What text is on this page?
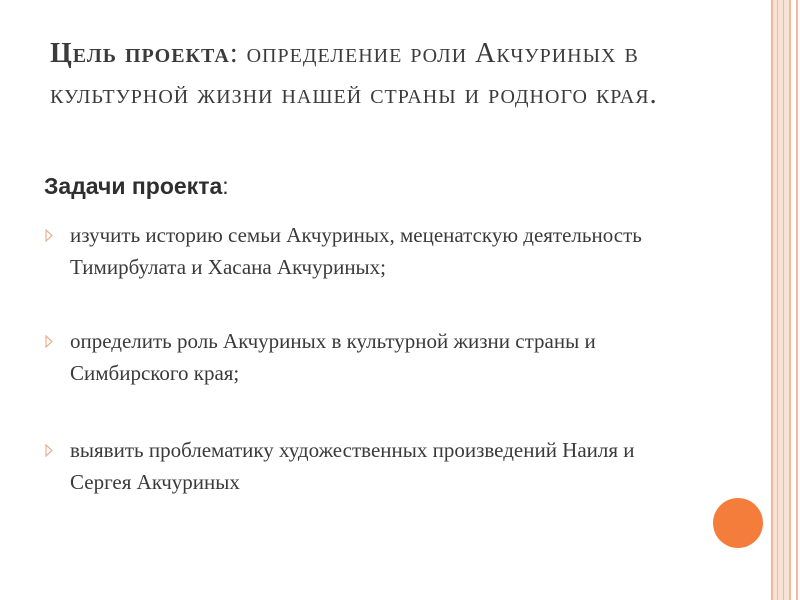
Цель проекта: определение роли Акчуриных в культурной жизни нашей страны и родного края.
Задачи проекта:
изучить историю семьи Акчуриных, меценатскую деятельность Тимирбулата и Хасана Акчуриных;
определить роль Акчуриных в культурной жизни страны и Симбирского края;
выявить проблематику художественных произведений Наиля и Сергея Акчуриных
